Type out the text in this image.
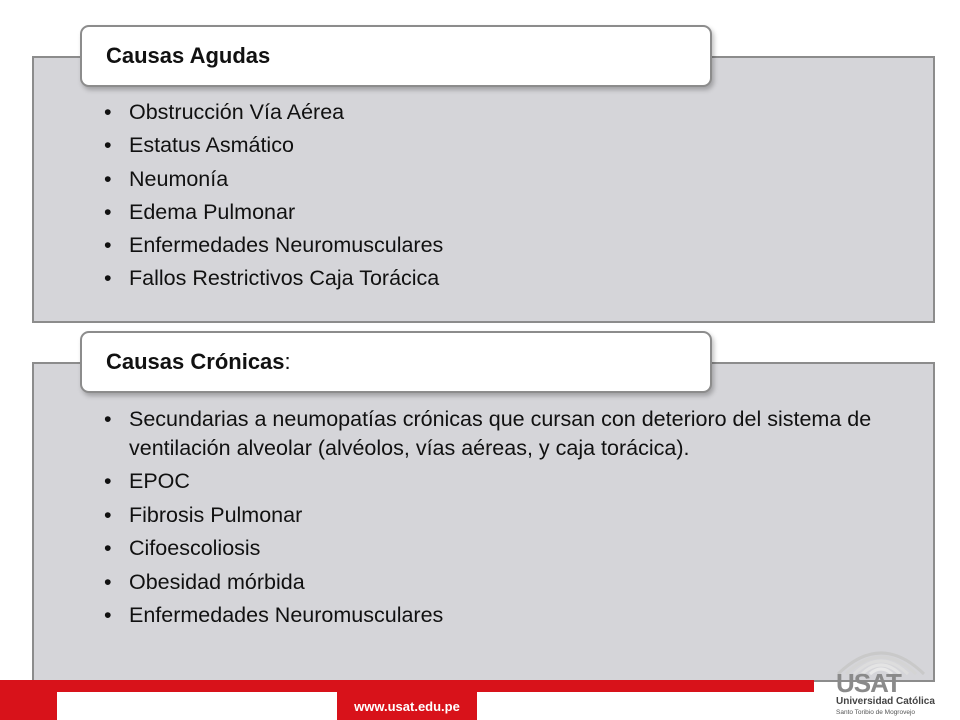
Causas Agudas
• Obstrucción Vía Aérea
• Estatus Asmático
• Neumonía
• Edema Pulmonar
• Enfermedades Neuromusculares
• Fallos Restrictivos Caja Torácica
Causas Crónicas:
• Secundarias a neumopatías crónicas que cursan con deterioro del sistema de ventilación alveolar (alvéolos, vías aéreas, y caja torácica).
• EPOC
• Fibrosis Pulmonar
• Cifoescoliosis
• Obesidad mórbida
• Enfermedades Neuromusculares
www.usat.edu.pe
USAT
Universidad Católica
Santo Toribio de Mogrovejo
